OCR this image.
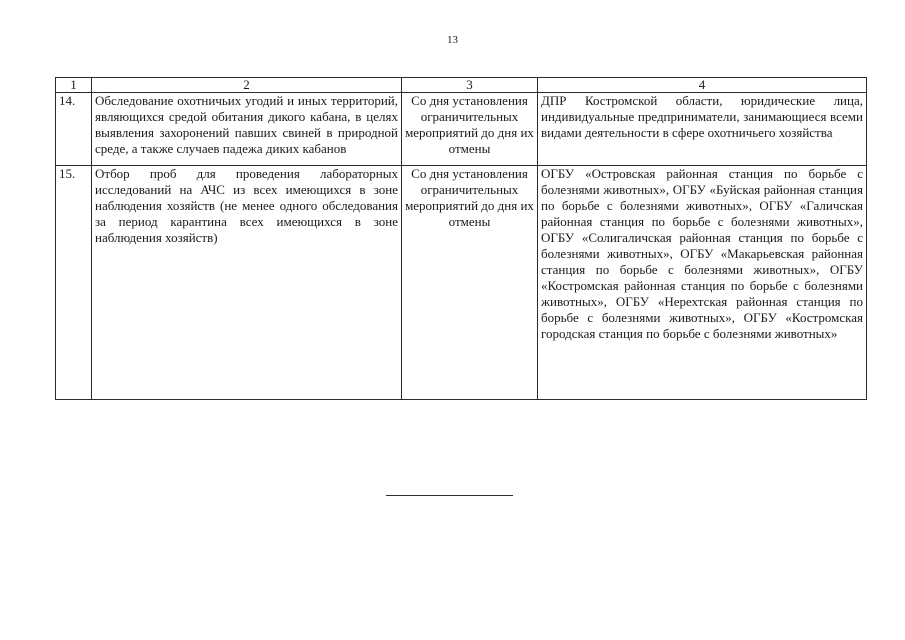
13
1	2	3	4
14.	Обследование охотничьих угодий и иных территорий, являющихся средой обитания дикого кабана, в целях выявления захоронений павших свиней в природной среде, а также случаев падежа диких кабанов	Со дня установления ограничительных мероприятий до дня их отмены	ДПР Костромской области, юридические лица, индивидуальные предприниматели, занимающиеся всеми видами деятельности в сфере охотничьего хозяйства
15.	Отбор проб для проведения лабораторных исследований на АЧС из всех имеющихся в зоне наблюдения хозяйств (не менее одного обследования за период карантина всех имеющихся в зоне наблюдения хозяйств)	Со дня установления ограничительных мероприятий до дня их отмены	ОГБУ «Островская районная станция по борьбе с болезнями животных», ОГБУ «Буйская районная станция по борьбе с болезнями животных», ОГБУ «Галичская районная станция по борьбе с болезнями животных», ОГБУ «Солигаличская районная станция по борьбе с болезнями животных», ОГБУ «Макарьевская районная станция по борьбе с болезнями животных», ОГБУ «Костромская районная станция по борьбе с болезнями животных», ОГБУ «Нерехтская районная станция по борьбе с болезнями животных», ОГБУ «Костромская городская станция по борьбе с болезнями животных»
